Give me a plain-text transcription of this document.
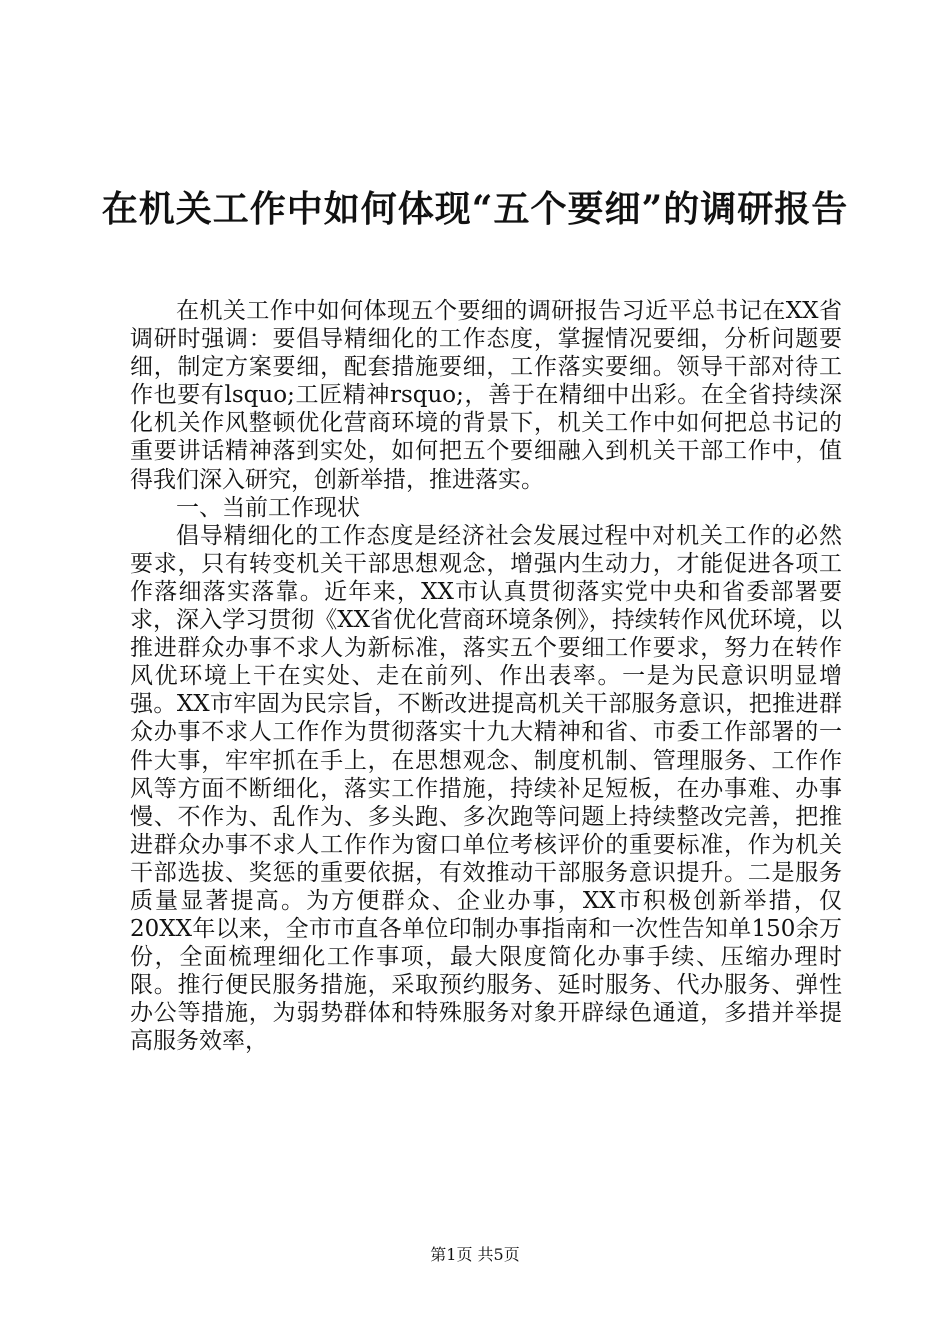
在机关工作中如何体现“五个要细”的调研报告

在机关工作中如何体现五个要细的调研报告习近平总书记在XX省调研时强调：要倡导精细化的工作态度，掌握情况要细，分析问题要细，制定方案要细，配套措施要细，工作落实要细。领导干部对待工作也要有lsquo;工匠精神rsquo;，善于在精细中出彩。在全省持续深化机关作风整顿优化营商环境的背景下，机关工作中如何把总书记的重要讲话精神落到实处，如何把五个要细融入到机关干部工作中，值得我们深入研究，创新举措，推进落实。

一、当前工作现状

倡导精细化的工作态度是经济社会发展过程中对机关工作的必然要求，只有转变机关干部思想观念，增强内生动力，才能促进各项工作落细落实落靠。近年来，XX市认真贯彻落实党中央和省委部署要求，深入学习贯彻《XX省优化营商环境条例》，持续转作风优环境，以推进群众办事不求人为新标准，落实五个要细工作要求，努力在转作风优环境上干在实处、走在前列、作出表率。一是为民意识明显增强。XX市牢固为民宗旨，不断改进提高机关干部服务意识，把推进群众办事不求人工作作为贯彻落实十九大精神和省、市委工作部署的一件大事，牢牢抓在手上，在思想观念、制度机制、管理服务、工作作风等方面不断细化，落实工作措施，持续补足短板，在办事难、办事慢、不作为、乱作为、多头跑、多次跑等问题上持续整改完善，把推进群众办事不求人工作作为窗口单位考核评价的重要标准，作为机关干部选拔、奖惩的重要依据，有效推动干部服务意识提升。二是服务质量显著提高。为方便群众、企业办事，XX市积极创新举措，仅20XX年以来，全市市直各单位印制办事指南和一次性告知单150余万份，全面梳理细化工作事项，最大限度简化办事手续、压缩办理时限。推行便民服务措施，采取预约服务、延时服务、代办服务、弹性办公等措施，为弱势群体和特殊服务对象开辟绿色通道，多措并举提高服务效率，

第1页 共5页
